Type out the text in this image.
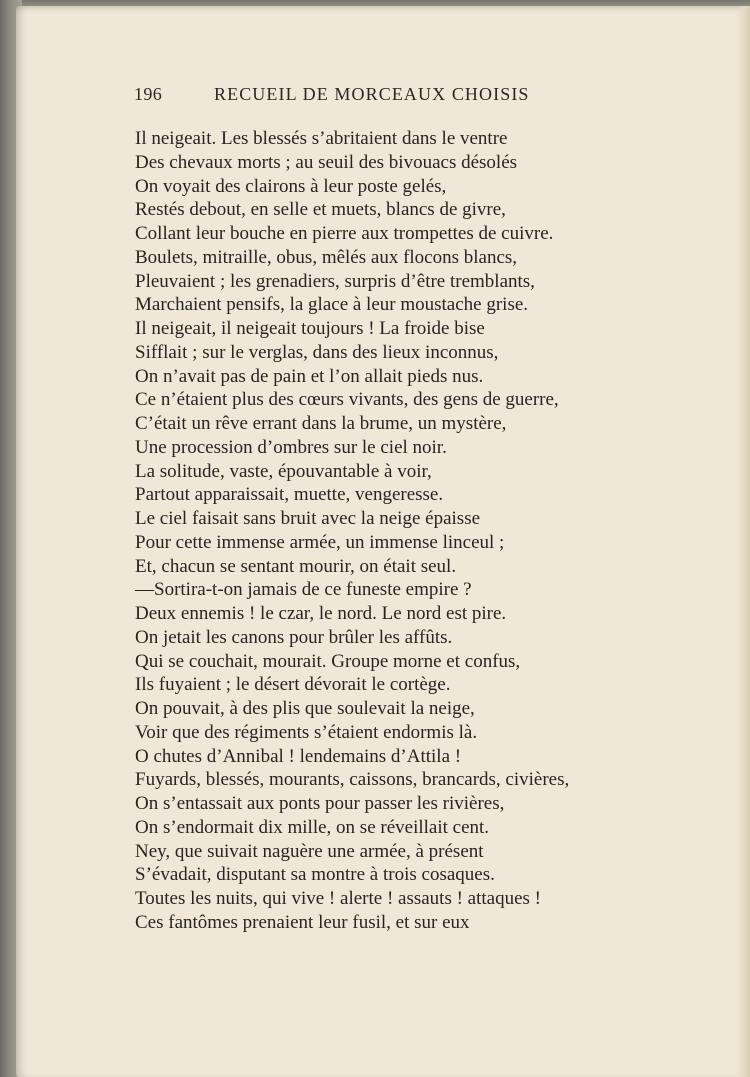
196	RECUEIL DE MORCEAUX CHOISIS
Il neigeait. Les blessés s’abritaient dans le ventre
Des chevaux morts ; au seuil des bivouacs désolés
On voyait des clairons à leur poste gelés,
Restés debout, en selle et muets, blancs de givre,
Collant leur bouche en pierre aux trompettes de cuivre.
Boulets, mitraille, obus, mêlés aux flocons blancs,
Pleuvaient ; les grenadiers, surpris d’être tremblants,
Marchaient pensifs, la glace à leur moustache grise.
Il neigeait, il neigeait toujours ! La froide bise
Sifflait ; sur le verglas, dans des lieux inconnus,
On n’avait pas de pain et l’on allait pieds nus.
Ce n’étaient plus des cœurs vivants, des gens de guerre,
C’était un rêve errant dans la brume, un mystère,
Une procession d’ombres sur le ciel noir.
La solitude, vaste, épouvantable à voir,
Partout apparaissait, muette, vengeresse.
Le ciel faisait sans bruit avec la neige épaisse
Pour cette immense armée, un immense linceul ;
Et, chacun se sentant mourir, on était seul.
—Sortira-t-on jamais de ce funeste empire ?
Deux ennemis ! le czar, le nord. Le nord est pire.
On jetait les canons pour brûler les affûts.
Qui se couchait, mourait. Groupe morne et confus,
Ils fuyaient ; le désert dévorait le cortège.
On pouvait, à des plis que soulevait la neige,
Voir que des régiments s’étaient endormis là.
O chutes d’Annibal ! lendemains d’Attila !
Fuyards, blessés, mourants, caissons, brancards, civières,
On s’entassait aux ponts pour passer les rivières,
On s’endormait dix mille, on se réveillait cent.
Ney, que suivait naguère une armée, à présent
S’évadait, disputant sa montre à trois cosaques.
Toutes les nuits, qui vive ! alerte ! assauts ! attaques !
Ces fantômes prenaient leur fusil, et sur eux
